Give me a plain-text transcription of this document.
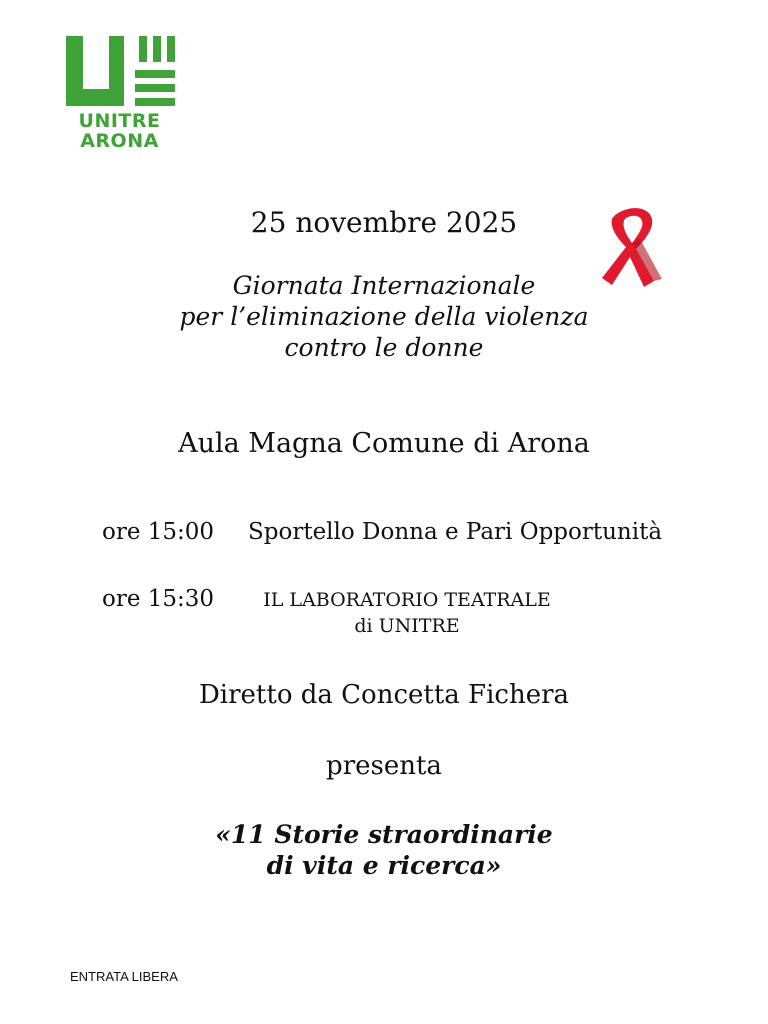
UNITRE
ARONA
25 novembre 2025
Giornata Internazionale
per l’eliminazione della violenza
contro le donne
Aula Magna Comune di Arona
ore 15:00 Sportello Donna e Pari Opportunità
ore 15:30	IL LABORATORIO TEATRALE
di UNITRE
Diretto da Concetta Fichera
presenta
«11 Storie straordinarie
di vita e ricerca»
ENTRATA LIBERA
